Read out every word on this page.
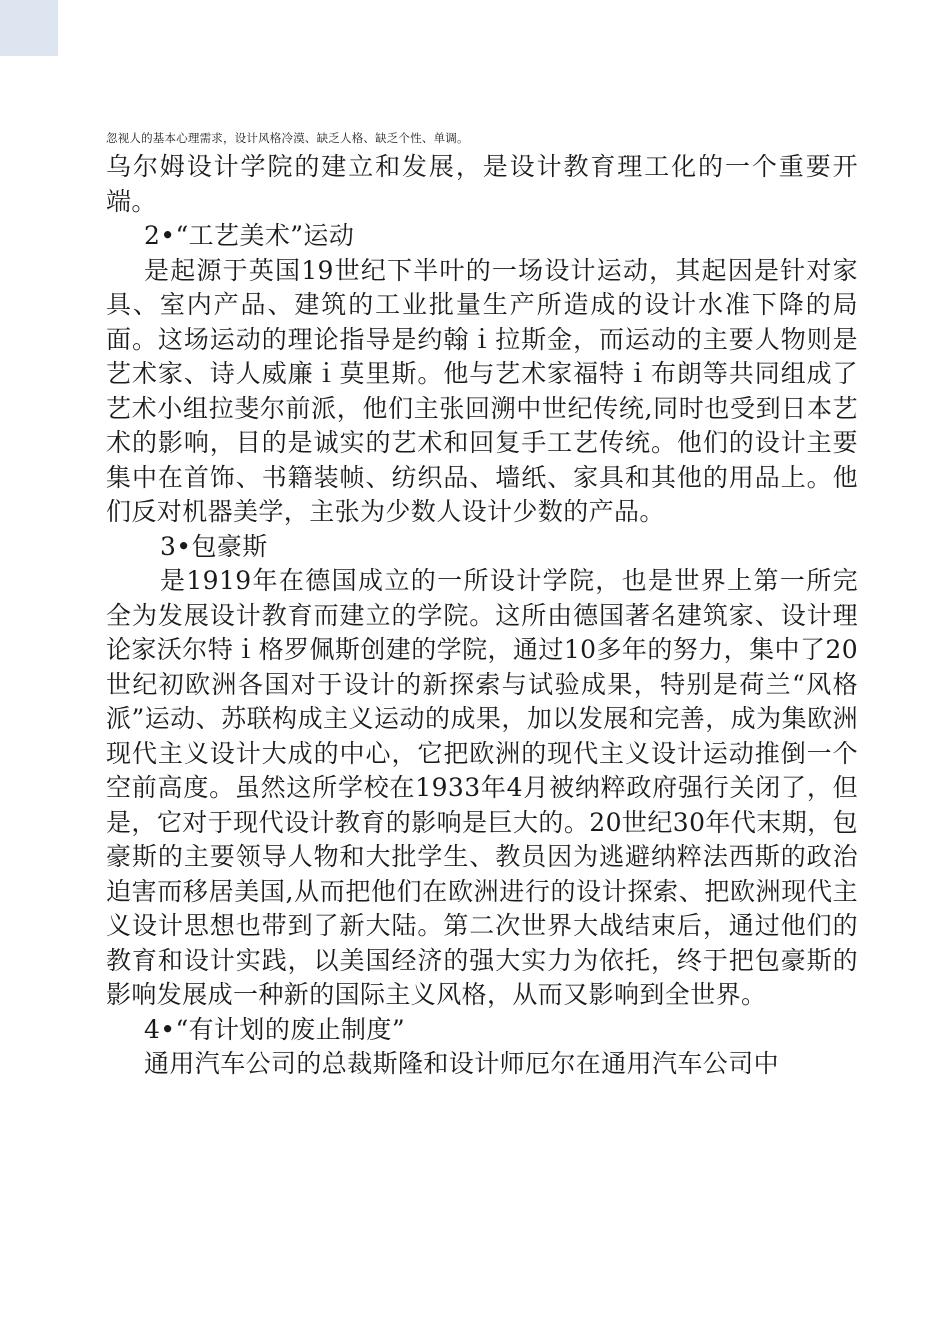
忽视人的基本心理需求，设计风格冷漠、缺乏人格、缺乏个性、单调。

乌尔姆设计学院的建立和发展，是设计教育理工化的一个重要开端。

2•“工艺美术”运动

是起源于英国19世纪下半叶的一场设计运动，其起因是针对家具、室内产品、建筑的工业批量生产所造成的设计水准下降的局面。这场运动的理论指导是约翰ｉ拉斯金，而运动的主要人物则是艺术家、诗人威廉ｉ莫里斯。他与艺术家福特ｉ布朗等共同组成了艺术小组拉斐尔前派，他们主张回溯中世纪传统,同时也受到日本艺术的影响，目的是诚实的艺术和回复手工艺传统。他们的设计主要集中在首饰、书籍装帧、纺织品、墙纸、家具和其他的用品上。他们反对机器美学，主张为少数人设计少数的产品。

3•包豪斯

是1919年在德国成立的一所设计学院，也是世界上第一所完全为发展设计教育而建立的学院。这所由德国著名建筑家、设计理论家沃尔特ｉ格罗佩斯创建的学院，通过10多年的努力，集中了20世纪初欧洲各国对于设计的新探索与试验成果，特别是荷兰“风格派”运动、苏联构成主义运动的成果，加以发展和完善，成为集欧洲现代主义设计大成的中心，它把欧洲的现代主义设计运动推倒一个空前高度。虽然这所学校在1933年4月被纳粹政府强行关闭了，但是，它对于现代设计教育的影响是巨大的。20世纪30年代末期，包豪斯的主要领导人物和大批学生、教员因为逃避纳粹法西斯的政治迫害而移居美国,从而把他们在欧洲进行的设计探索、把欧洲现代主义设计思想也带到了新大陆。第二次世界大战结束后，通过他们的教育和设计实践，以美国经济的强大实力为依托，终于把包豪斯的影响发展成一种新的国际主义风格，从而又影响到全世界。

4•“有计划的废止制度”

通用汽车公司的总裁斯隆和设计师厄尔在通用汽车公司中
